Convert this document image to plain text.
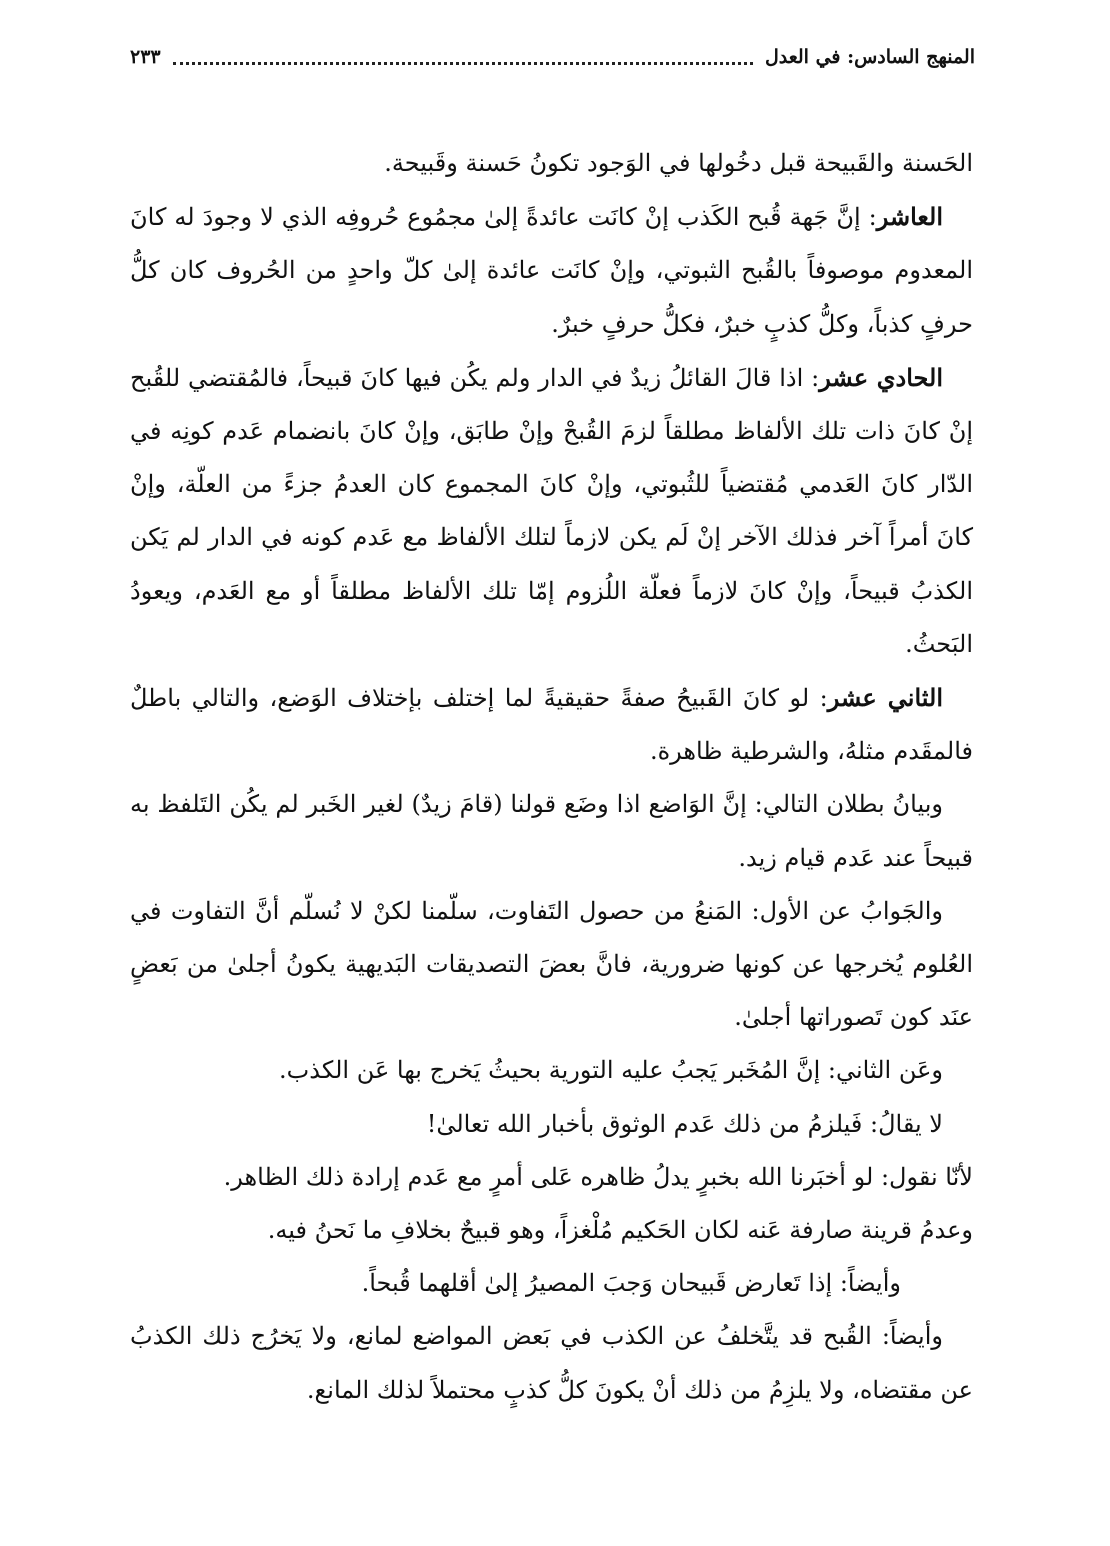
المنهج السادس: في العدل
٢٣٣

الحَسنة والقَبيحة قبل دخُولها في الوَجود تكونُ حَسنة وقَبيحة.

العاشر: إنَّ جَهة قُبح الكَذب إنْ كانَت عائدةً إلىٰ مجمُوع حُروفِه الذي لا وجودَ له كانَ المعدوم موصوفاً بالقُبح الثبوتي، وإنْ كانَت عائدة إلىٰ كلّ واحدٍ من الحُروف كان كلُّ حرفٍ كذباً، وكلُّ كذبٍ خبرٌ، فكلُّ حرفٍ خبرٌ.

الحادي عشر: اذا قالَ القائلُ زيدٌ في الدار ولم يكُن فيها كانَ قبيحاً، فالمُقتضي للقُبح إنْ كانَ ذات تلك الألفاظ مطلقاً لزمَ القُبحْ وإنْ طابَق، وإنْ كانَ بانضمام عَدم كونِه في الدّار كانَ العَدمي مُقتضياً للثُبوتي، وإنْ كانَ المجموع كان العدمُ جزءً من العلّة، وإنْ كانَ أمراً آخر فذلك الآخر إنْ لَم يكن لازماً لتلك الألفاظ مع عَدم كونه في الدار لم يَكن الكذبُ قبيحاً، وإنْ كانَ لازماً فعلّة اللُزوم إمّا تلك الألفاظ مطلقاً أو مع العَدم، ويعودُ البَحثُ.

الثاني عشر: لو كانَ القَبيحُ صفةً حقيقيةً لما إختلف بإختلاف الوَضع، والتالي باطلٌ فالمقَدم مثلهُ، والشرطية ظاهرة.

وبيانُ بطلان التالي: إنَّ الوَاضع اذا وضَع قولنا (قامَ زيدٌ) لغير الخَبر لم يكُن التَلفظ به قبيحاً عند عَدم قيام زيد.

والجَوابُ عن الأول: المَنعُ من حصول التَفاوت، سلّمنا لكنْ لا نُسلّم أنَّ التفاوت في العُلوم يُخرجها عن كونها ضرورية، فانَّ بعضَ التصديقات البَديهية يكونُ أجلىٰ من بَعضٍ عنَد كون تَصوراتها أجلىٰ.

وعَن الثاني: إنَّ المُخَبر يَجبُ عليه التورية بحيثُ يَخرج بها عَن الكذب.

لا يقالُ: فَيلزمُ من ذلك عَدم الوثوق بأخبار الله تعالىٰ!

لأنّا نقول: لو أخبَرنا الله بخبرٍ يدلُ ظاهره عَلى أمرٍ مع عَدم إرادة ذلك الظاهر.

وعدمُ قرينة صارفة عَنه لكان الحَكيم مُلْغزاً، وهو قبيحٌ بخلافِ ما نَحنُ فيه.

وأيضاً: إذا تَعارض قَبيحان وَجبَ المصيرُ إلىٰ أقلهما قُبحاً.

وأيضاً: القُبح قد يتَّخلفُ عن الكذب في بَعض المواضع لمانع، ولا يَخرُج ذلك الكذبُ عن مقتضاه، ولا يلزِمُ من ذلك أنْ يكونَ كلُّ كذبٍ محتملاً لذلك المانع.
